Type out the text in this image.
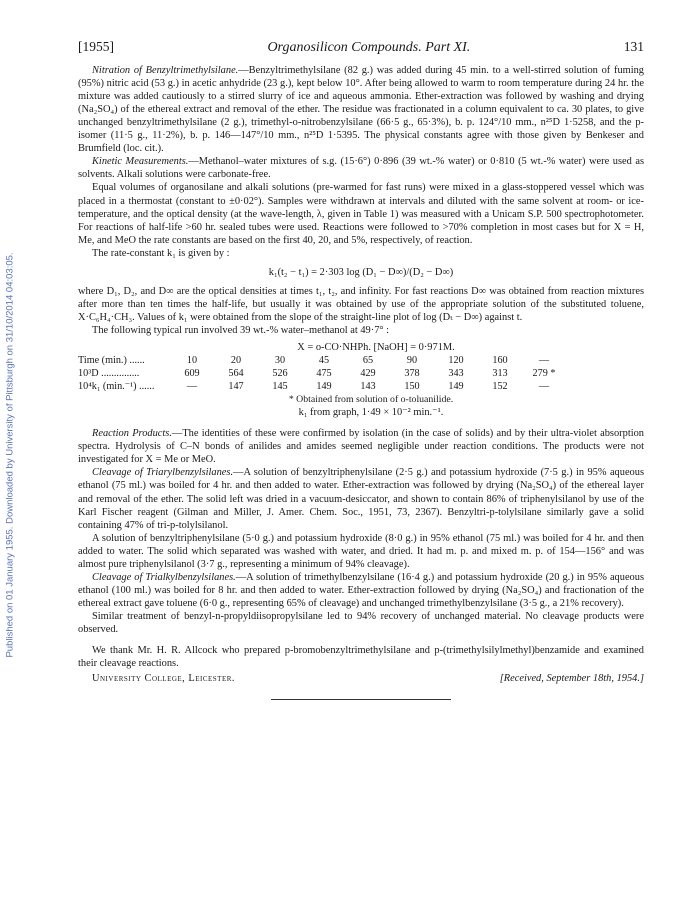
Published on 01 January 1955. Downloaded by University of Pittsburgh on 31/10/2014 04:03:05.
[1955]	Organosilicon Compounds. Part XI.	131

Nitration of Benzyltrimethylsilane.—Benzyltrimethylsilane (82 g.) was added during 45 min. to a well-stirred solution of fuming (95%) nitric acid (53 g.) in acetic anhydride (23 g.), kept below 10°. After being allowed to warm to room temperature during 24 hr. the mixture was added cautiously to a stirred slurry of ice and aqueous ammonia. Ether-extraction was followed by washing and drying (Na₂SO₄) of the ethereal extract and removal of the ether. The residue was fractionated in a column equivalent to ca. 30 plates, to give unchanged benzyltrimethylsilane (2 g.), trimethyl-o-nitrobenzylsilane (66·5 g., 65·3%), b. p. 124°/10 mm., n²⁵D 1·5258, and the p-isomer (11·5 g., 11·2%), b. p. 146—147°/10 mm., n²⁵D 1·5395. The physical constants agree with those given by Benkeser and Brumfield (loc. cit.).

Kinetic Measurements.—Methanol–water mixtures of s.g. (15·6°) 0·896 (39 wt.-% water) or 0·810 (5 wt.-% water) were used as solvents. Alkali solutions were carbonate-free.

Equal volumes of organosilane and alkali solutions (pre-warmed for fast runs) were mixed in a glass-stoppered vessel which was placed in a thermostat (constant to ±0·02°). Samples were withdrawn at intervals and diluted with the same solvent at room- or ice-temperature, and the optical density (at the wave-length, λ, given in Table 1) was measured with a Unicam S.P. 500 spectrophotometer. For reactions of half-life >60 hr. sealed tubes were used. Reactions were followed to >70% completion in most cases but for X = H, Me, and MeO the rate constants are based on the first 40, 20, and 5%, respectively, of reaction.

The rate-constant k₁ is given by :

k₁(t₂ − t₁) = 2·303 log (D₁ − D∞)/(D₂ − D∞)

where D₁, D₂, and D∞ are the optical densities at times t₁, t₂, and infinity. For fast reactions D∞ was obtained from reaction mixtures after more than ten times the half-life, but usually it was obtained by use of the appropriate solution of the substituted toluene, X·C₆H₄·CH₃. Values of k₁ were obtained from the slope of the straight-line plot of log (Dₜ − D∞) against t.

The following typical run involved 39 wt.-% water–methanol at 49·7° :

X = o-CO·NHPh. [NaOH] = 0·971M.
Time (min.) ......	10	20	30	45	65	90	120	160	—
10³D ...............	609	564	526	475	429	378	343	313	279 *
10⁴k₁ (min.⁻¹) ......	—	147	145	149	143	150	149	152	—
* Obtained from solution of o-toluanilide.
k₁ from graph, 1·49 × 10⁻² min.⁻¹.

Reaction Products.—The identities of these were confirmed by isolation (in the case of solids) and by their ultra-violet absorption spectra. Hydrolysis of C–N bonds of anilides and amides seemed negligible under reaction conditions. The products were not investigated for X = Me or MeO.

Cleavage of Triarylbenzylsilanes.—A solution of benzyltriphenylsilane (2·5 g.) and potassium hydroxide (7·5 g.) in 95% aqueous ethanol (75 ml.) was boiled for 4 hr. and then added to water. Ether-extraction was followed by drying (Na₂SO₄) of the ethereal layer and removal of the ether. The solid left was dried in a vacuum-desiccator, and shown to contain 86% of triphenylsilanol by use of the Karl Fischer reagent (Gilman and Miller, J. Amer. Chem. Soc., 1951, 73, 2367). Benzyltri-p-tolylsilane similarly gave a solid containing 47% of tri-p-tolylsilanol.

A solution of benzyltriphenylsilane (5·0 g.) and potassium hydroxide (8·0 g.) in 95% ethanol (75 ml.) was boiled for 4 hr. and then added to water. The solid which separated was washed with water, and dried. It had m. p. and mixed m. p. of 154—156° and was almost pure triphenylsilanol (3·7 g., representing a minimum of 94% cleavage).

Cleavage of Trialkylbenzylsilanes.—A solution of trimethylbenzylsilane (16·4 g.) and potassium hydroxide (20 g.) in 95% aqueous ethanol (100 ml.) was boiled for 8 hr. and then added to water. Ether-extraction followed by drying (Na₂SO₄) and fractionation of the ethereal extract gave toluene (6·0 g., representing 65% of cleavage) and unchanged trimethylbenzylsilane (3·5 g., a 21% recovery).

Similar treatment of benzyl-n-propyldiisopropylsilane led to 94% recovery of unchanged material. No cleavage products were observed.

We thank Mr. H. R. Allcock who prepared p-bromobenzyltrimethylsilane and p-(trimethylsilylmethyl)benzamide and examined their cleavage reactions.

University College, Leicester.	[Received, September 18th, 1954.]
